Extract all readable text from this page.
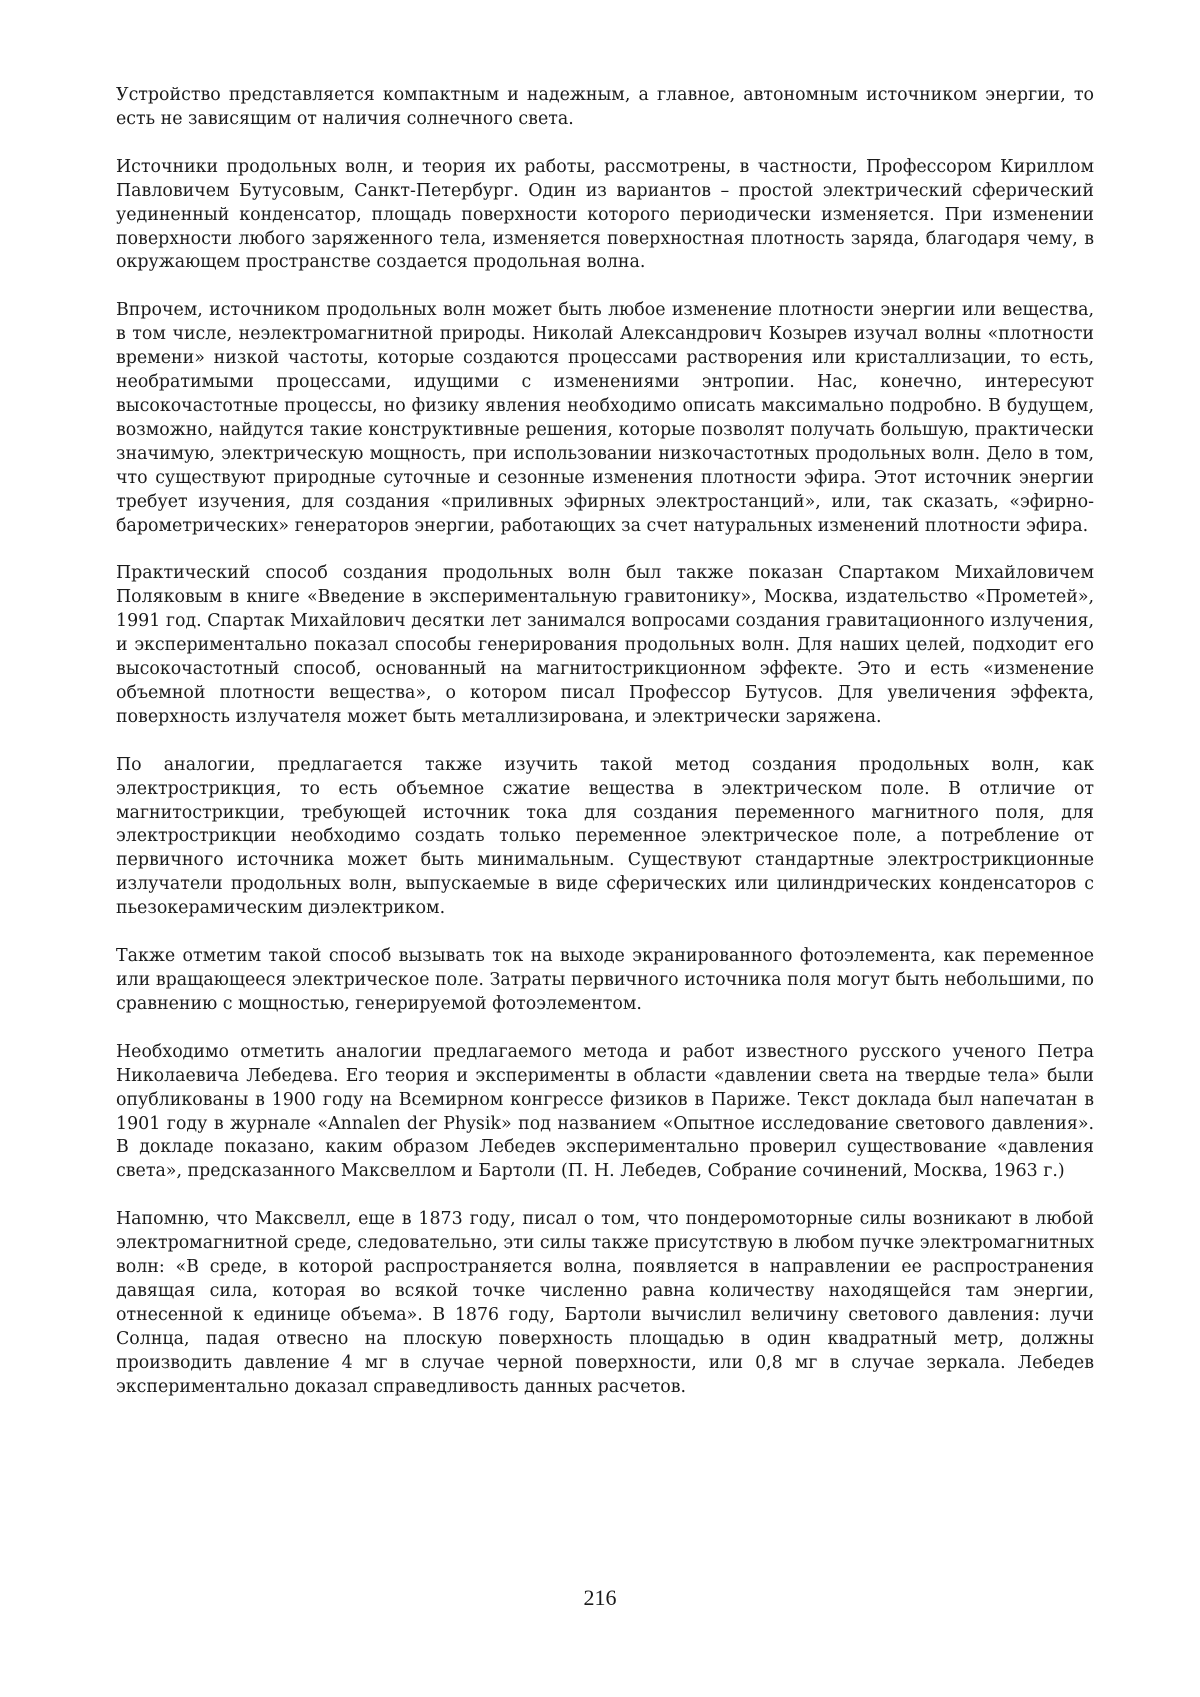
Устройство представляется компактным и надежным, а главное, автономным источником энергии, то есть не зависящим от наличия солнечного света.

Источники продольных волн, и теория их работы, рассмотрены, в частности, Профессором Кириллом Павловичем Бутусовым, Санкт-Петербург. Один из вариантов – простой электрический сферический уединенный конденсатор, площадь поверхности которого периодически изменяется. При изменении поверхности любого заряженного тела, изменяется поверхностная плотность заряда, благодаря чему, в окружающем пространстве создается продольная волна.

Впрочем, источником продольных волн может быть любое изменение плотности энергии или вещества, в том числе, неэлектромагнитной природы. Николай Александрович Козырев изучал волны «плотности времени» низкой частоты, которые создаются процессами растворения или кристаллизации, то есть, необратимыми процессами, идущими с изменениями энтропии. Нас, конечно, интересуют высокочастотные процессы, но физику явления необходимо описать максимально подробно. В будущем, возможно, найдутся такие конструктивные решения, которые позволят получать большую, практически значимую, электрическую мощность, при использовании низкочастотных продольных волн. Дело в том, что существуют природные суточные и сезонные изменения плотности эфира. Этот источник энергии требует изучения, для создания «приливных эфирных электростанций», или, так сказать, «эфирно-барометрических» генераторов энергии, работающих за счет натуральных изменений плотности эфира.

Практический способ создания продольных волн был также показан Спартаком Михайловичем Поляковым в книге «Введение в экспериментальную гравитонику», Москва, издательство «Прометей», 1991 год. Спартак Михайлович десятки лет занимался вопросами создания гравитационного излучения, и экспериментально показал способы генерирования продольных волн. Для наших целей, подходит его высокочастотный способ, основанный на магнитострикционном эффекте. Это и есть «изменение объемной плотности вещества», о котором писал Профессор Бутусов. Для увеличения эффекта, поверхность излучателя может быть металлизирована, и электрически заряжена.

По аналогии, предлагается также изучить такой метод создания продольных волн, как электрострикция, то есть объемное сжатие вещества в электрическом поле. В отличие от магнитострикции, требующей источник тока для создания переменного магнитного поля, для электрострикции необходимо создать только переменное электрическое поле, а потребление от первичного источника может быть минимальным. Существуют стандартные электрострикционные излучатели продольных волн, выпускаемые в виде сферических или цилиндрических конденсаторов с пьезокерамическим диэлектриком.

Также отметим такой способ вызывать ток на выходе экранированного фотоэлемента, как переменное или вращающееся электрическое поле. Затраты первичного источника поля могут быть небольшими, по сравнению с мощностью, генерируемой фотоэлементом.

Необходимо отметить аналогии предлагаемого метода и работ известного русского ученого Петра Николаевича Лебедева. Его теория и эксперименты в области «давлении света на твердые тела» были опубликованы в 1900 году на Всемирном конгрессе физиков в Париже. Текст доклада был напечатан в 1901 году в журнале «Annalen der Physik» под названием «Опытное исследование светового давления». В докладе показано, каким образом Лебедев экспериментально проверил существование «давления света», предсказанного Максвеллом и Бартоли (П. Н. Лебедев, Собрание сочинений, Москва, 1963 г.)

Напомню, что Максвелл, еще в 1873 году, писал о том, что пондеромоторные силы возникают в любой электромагнитной среде, следовательно, эти силы также присутствую в любом пучке электромагнитных волн: «В среде, в которой распространяется волна, появляется в направлении ее распространения давящая сила, которая во всякой точке численно равна количеству находящейся там энергии, отнесенной к единице объема». В 1876 году, Бартоли вычислил величину светового давления: лучи Солнца, падая отвесно на плоскую поверхность площадью в один квадратный метр, должны производить давление 4 мг в случае черной поверхности, или 0,8 мг в случае зеркала. Лебедев экспериментально доказал справедливость данных расчетов.

216
